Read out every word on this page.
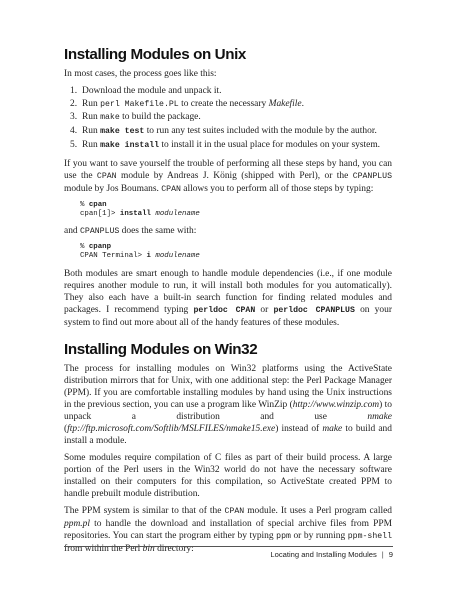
Installing Modules on Unix

In most cases, the process goes like this:

1. Download the module and unpack it.
2. Run perl Makefile.PL to create the necessary Makefile.
3. Run make to build the package.
4. Run make test to run any test suites included with the module by the author.
5. Run make install to install it in the usual place for modules on your system.

If you want to save yourself the trouble of performing all these steps by hand, you can use the CPAN module by Andreas J. König (shipped with Perl), or the CPANPLUS module by Jos Boumans. CPAN allows you to perform all of those steps by typing:

% cpan
cpan[1]> install modulename

and CPANPLUS does the same with:

% cpanp
CPAN Terminal> i modulename

Both modules are smart enough to handle module dependencies (i.e., if one module requires another module to run, it will install both modules for you automatically). They also each have a built-in search function for finding related modules and packages. I recommend typing perldoc CPAN or perldoc CPANPLUS on your system to find out more about all of the handy features of these modules.

Installing Modules on Win32

The process for installing modules on Win32 platforms using the ActiveState distribution mirrors that for Unix, with one additional step: the Perl Package Manager (PPM). If you are comfortable installing modules by hand using the Unix instructions in the previous section, you can use a program like WinZip (http://www.winzip.com) to unpack a distribution and use nmake (ftp://ftp.microsoft.com/Softlib/MSLFILES/nmake15.exe) instead of make to build and install a module.

Some modules require compilation of C files as part of their build process. A large portion of the Perl users in the Win32 world do not have the necessary software installed on their computers for this compilation, so ActiveState created PPM to handle prebuilt module distribution.

The PPM system is similar to that of the CPAN module. It uses a Perl program called ppm.pl to handle the download and installation of special archive files from PPM repositories. You can start the program either by typing ppm or by running ppm-shell from within the Perl bin directory:

Locating and Installing Modules | 9
